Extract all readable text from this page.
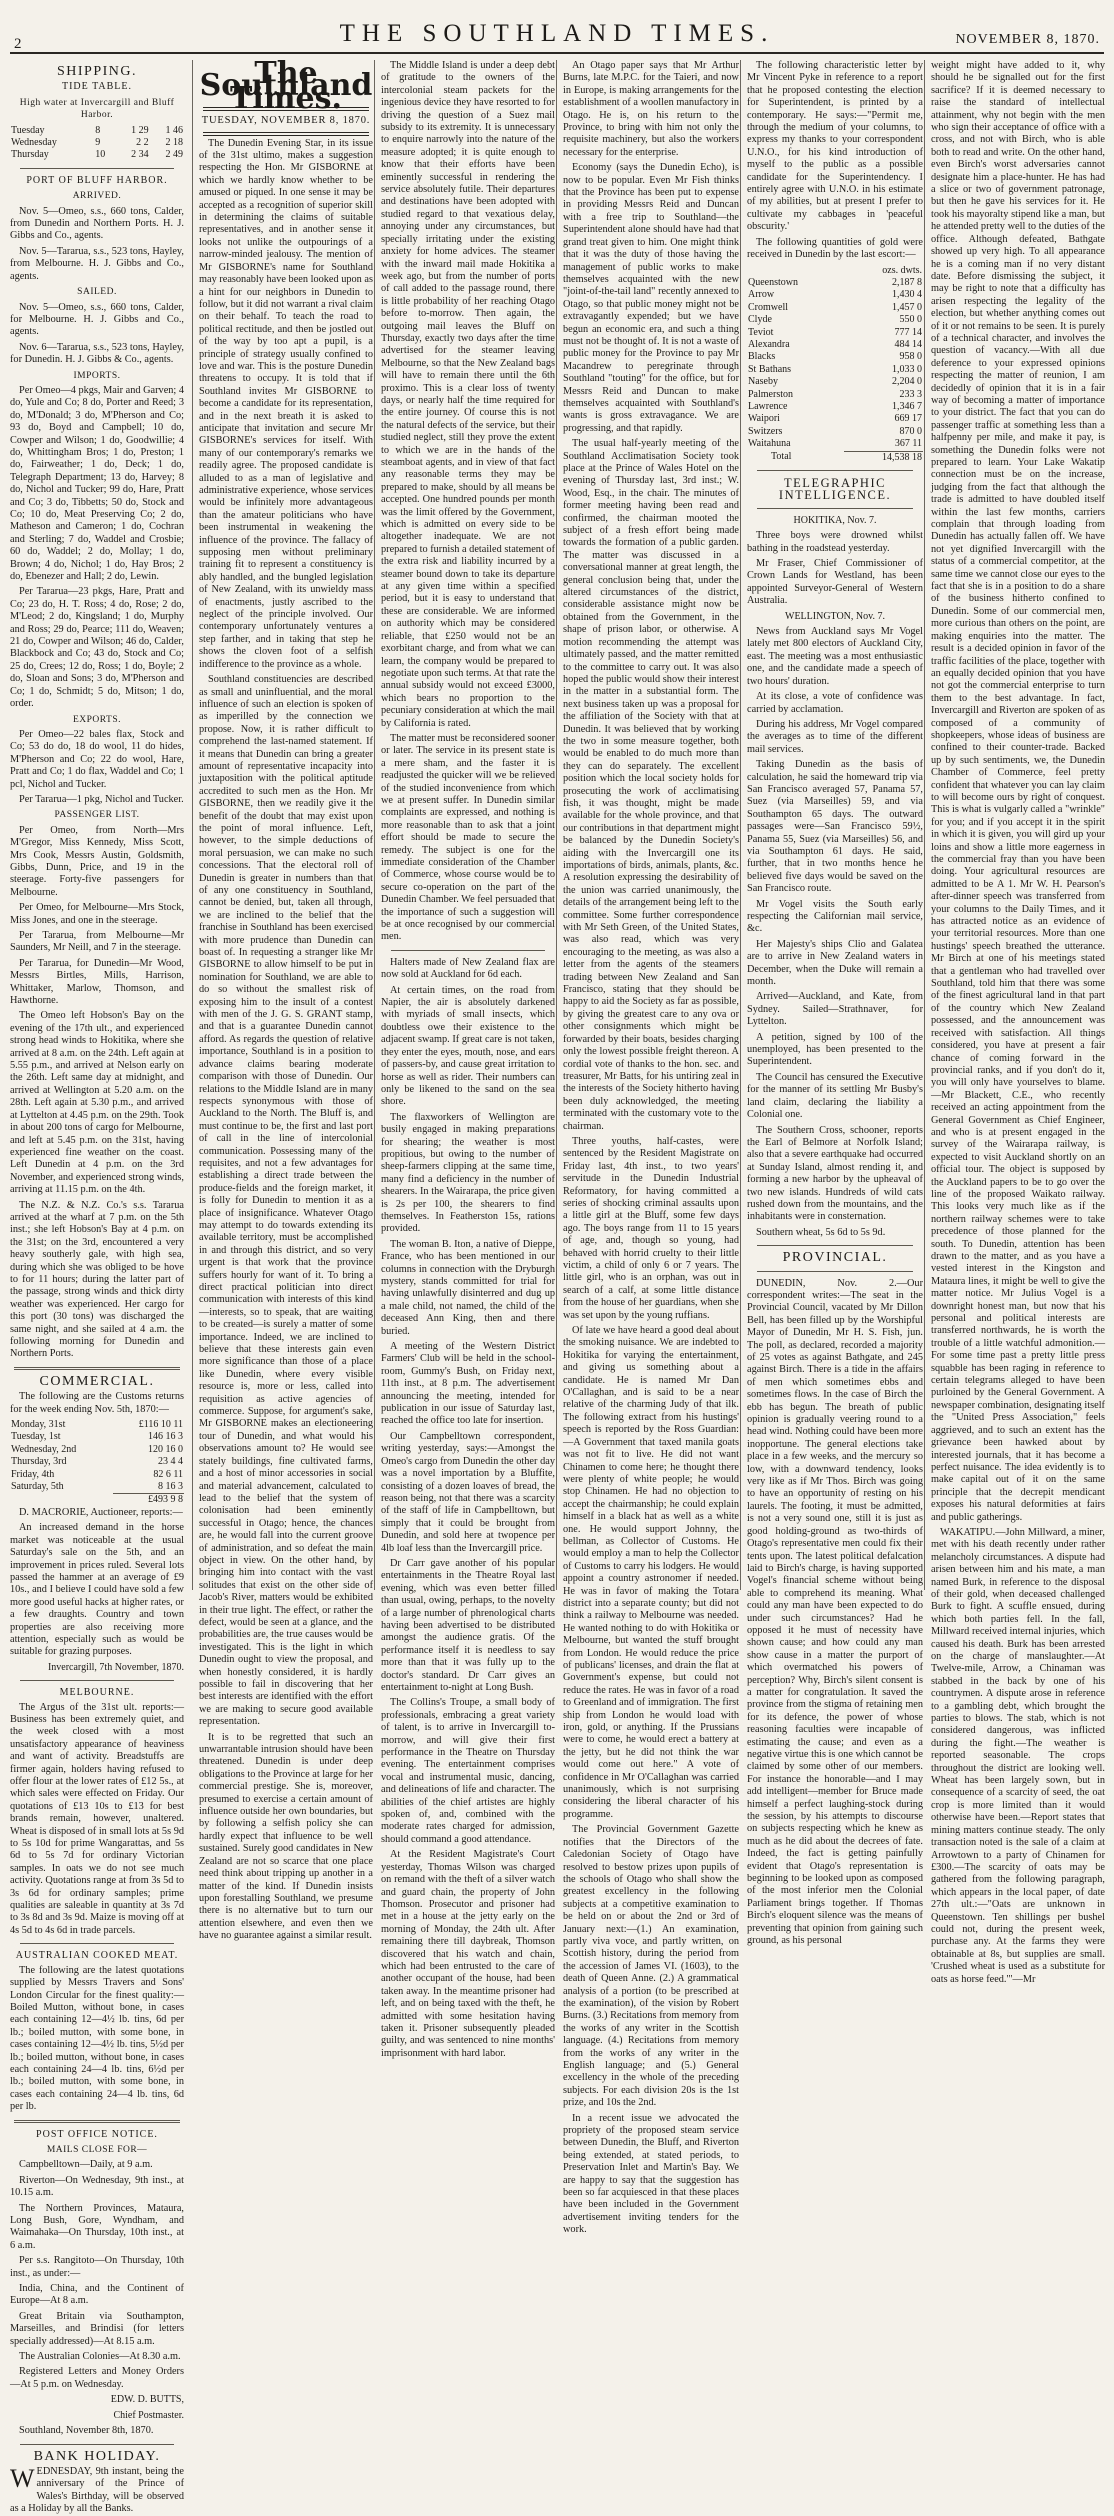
2	THE SOUTHLAND TIMES.	NOVEMBER 8, 1870.
SHIPPING.
TIDE TABLE.
High water at Invercargill and Bluff Harbor.
Tuesday	8	1 29	1 46
Wednesday	9	2 2	2 18
Thursday	10	2 34	2 49
PORT OF BLUFF HARBOR.
ARRIVED.

Nov. 5—Omeo, s.s., 660 tons, Calder, from Dunedin and Northern Ports. H. J. Gibbs and Co., agents.

Nov. 5—Tararua, s.s., 523 tons, Hayley, from Melbourne. H. J. Gibbs and Co., agents.

SAILED.

Nov. 5—Omeo, s.s., 660 tons, Calder, for Melbourne. H. J. Gibbs and Co., agents.

Nov. 6—Tararua, s.s., 523 tons, Hayley, for Dunedin. H. J. Gibbs & Co., agents.

IMPORTS.

Per Omeo—4 pkgs, Mair and Garven; 4 do, Yule and Co; 8 do, Porter and Reed; 3 do, M'Donald; 3 do, M'Pherson and Co; 93 do, Boyd and Campbell; 10 do, Cowper and Wilson; 1 do, Goodwillie; 4 do, Whittingham Bros; 1 do, Preston; 1 do, Fairweather; 1 do, Deck; 1 do, Telegraph Department; 13 do, Harvey; 8 do, Nichol and Tucker; 99 do, Hare, Pratt and Co; 3 do, Tibbetts; 50 do, Stock and Co; 10 do, Meat Preserving Co; 2 do, Matheson and Cameron; 1 do, Cochran and Sterling; 7 do, Waddel and Crosbie; 60 do, Waddel; 2 do, Mollay; 1 do, Brown; 4 do, Nichol; 1 do, Hay Bros; 2 do, Ebenezer and Hall; 2 do, Lewin.

Per Tararua—23 pkgs, Hare, Pratt and Co; 23 do, H. T. Ross; 4 do, Rose; 2 do, M'Leod; 2 do, Kingsland; 1 do, Murphy and Ross; 29 do, Pearce; 111 do, Weaven; 21 do, Cowper and Wilson; 46 do, Calder, Blackbock and Co; 43 do, Stock and Co; 25 do, Crees; 12 do, Ross; 1 do, Boyle; 2 do, Sloan and Sons; 3 do, M'Pherson and Co; 1 do, Schmidt; 5 do, Mitson; 1 do, order.

EXPORTS.

Per Omeo—22 bales flax, Stock and Co; 53 do do, 18 do wool, 11 do hides, M'Pherson and Co; 22 do wool, Hare, Pratt and Co; 1 do flax, Waddel and Co; 1 pcl, Nichol and Tucker.

Per Tararua—1 pkg, Nichol and Tucker.

PASSENGER LIST.

Per Omeo, from North—Mrs M'Gregor, Miss Kennedy, Miss Scott, Mrs Cook, Messrs Austin, Goldsmith, Gibbs, Dunn, Price, and 19 in the steerage. Forty-five passengers for Melbourne.

Per Omeo, for Melbourne—Mrs Stock, Miss Jones, and one in the steerage.

Per Tararua, from Melbourne—Mr Saunders, Mr Neill, and 7 in the steerage.

Per Tararua, for Dunedin—Mr Wood, Messrs Birtles, Mills, Harrison, Whittaker, Marlow, Thomson, and Hawthorne.

The Omeo left Hobson's Bay on the evening of the 17th ult., and experienced strong head winds to Hokitika, where she arrived at 8 a.m. on the 24th. Left again at 5.55 p.m., and arrived at Nelson early on the 26th. Left same day at midnight, and arrived at Wellington at 5.20 a.m. on the 28th. Left again at 5.30 p.m., and arrived at Lyttelton at 4.45 p.m. on the 29th. Took in about 200 tons of cargo for Melbourne, and left at 5.45 p.m. on the 31st, having experienced fine weather on the coast. Left Dunedin at 4 p.m. on the 3rd November, and experienced strong winds, arriving at 11.15 p.m. on the 4th.

The N.Z. & N.Z. Co.'s s.s. Tararua arrived at the wharf at 7 p.m. on the 5th inst.; she left Hobson's Bay at 4 p.m. on the 31st; on the 3rd, encountered a very heavy southerly gale, with high sea, during which she was obliged to be hove to for 11 hours; during the latter part of the passage, strong winds and thick dirty weather was experienced. Her cargo for this port (30 tons) was discharged the same night, and she sailed at 4 a.m. the following morning for Dunedin and Northern Ports.

COMMERCIAL.

The following are the Customs returns for the week ending Nov. 5th, 1870:—

Monday, 31st	£116 10 11
Tuesday, 1st	146 16 3
Wednesday, 2nd	120 16 0
Thursday, 3rd	23 4 4
Friday, 4th	82 6 11
Saturday, 5th	8 16 3
	£493 9 8

D. MACRORIE, Auctioneer, reports:—

An increased demand in the horse market was noticeable at the usual Saturday's sale on the 5th, and an improvement in prices ruled. Several lots passed the hammer at an average of £9 10s., and I believe I could have sold a few more good useful hacks at higher rates, or a few draughts. Country and town properties are also receiving more attention, especially such as would be suitable for grazing purposes.

Invercargill, 7th November, 1870.
MELBOURNE.

The Argus of the 31st ult. reports:—Business has been extremely quiet, and the week closed with a most unsatisfactory appearance of heaviness and want of activity. Breadstuffs are firmer again, holders having refused to offer flour at the lower rates of £12 5s., at which sales were effected on Friday. Our quotations of £13 10s to £13 for best brands remain, however, unaltered. Wheat is disposed of in small lots at 5s 9d to 5s 10d for prime Wangarattas, and 5s 6d to 5s 7d for ordinary Victorian samples. In oats we do not see much activity. Quotations range at from 3s 5d to 3s 6d for ordinary samples; prime qualities are saleable in quantity at 3s 7d to 3s 8d and 3s 9d. Maize is moving off at 4s 5d to 4s 6d in trade parcels.

AUSTRALIAN COOKED MEAT.

The following are the latest quotations supplied by Messrs Travers and Sons' London Circular for the finest quality:—Boiled Mutton, without bone, in cases each containing 12—4½ lb. tins, 6d per lb.; boiled mutton, with some bone, in cases containing 12—4½ lb. tins, 5½d per lb.; boiled mutton, without bone, in cases each containing 24—4 lb. tins, 6½d per lb.; boiled mutton, with some bone, in cases each containing 24—4 lb. tins, 6d per lb.

POST OFFICE NOTICE.
MAILS CLOSE FOR—

Campbelltown—Daily, at 9 a.m.

Riverton—On Wednesday, 9th inst., at 10.15 a.m.

The Northern Provinces, Mataura, Long Bush, Gore, Wyndham, and Waimahaka—On Thursday, 10th inst., at 6 a.m.

Per s.s. Rangitoto—On Thursday, 10th inst., as under:—

India, China, and the Continent of Europe—At 8 a.m.

Great Britain via Southampton, Marseilles, and Brindisi (for letters specially addressed)—At 8.15 a.m.

The Australian Colonies—At 8.30 a.m.

Registered Letters and Money Orders—At 5 p.m. on Wednesday.

EDW. D. BUTTS,
Chief Postmaster.

Southland, November 8th, 1870.

BANK HOLIDAY.

WEDNESDAY, 9th instant, being the anniversary of the Prince of Wales's Birthday, will be observed as a Holiday by all the Banks.

The Southland Times.
TUESDAY, NOVEMBER 8, 1870.

The Dunedin Evening Star, in its issue of the 31st ultimo, makes a suggestion respecting the Hon. Mr GISBORNE at which we hardly know whether to be amused or piqued. In one sense it may be accepted as a recognition of superior skill in determining the claims of suitable representatives, and in another sense it looks not unlike the outpourings of a narrow-minded jealousy. The mention of Mr GISBORNE's name for Southland may reasonably have been looked upon as a hint for our neighbors in Dunedin to follow, but it did not warrant a rival claim on their behalf. To teach the road to political rectitude, and then be jostled out of the way by too apt a pupil, is a principle of strategy usually confined to love and war. This is the posture Dunedin threatens to occupy. It is told that if Southland invites Mr GISBORNE to become a candidate for its representation, and in the next breath it is asked to anticipate that invitation and secure Mr GISBORNE's services for itself. With many of our contemporary's remarks we readily agree. The proposed candidate is alluded to as a man of legislative and administrative experience, whose services would be infinitely more advantageous than the amateur politicians who have been instrumental in weakening the influence of the province. The fallacy of supposing men without preliminary training fit to represent a constituency is ably handled, and the bungled legislation of New Zealand, with its unwieldy mass of enactments, justly ascribed to the neglect of the principle involved. Our contemporary unfortunately ventures a step farther, and in taking that step he shows the cloven foot of a selfish indifference to the province as a whole.

Southland constituencies are described as small and uninfluential, and the moral influence of such an election is spoken of as imperilled by the connection we propose. Now, it is rather difficult to comprehend the last-named statement. If it means that Dunedin can bring a greater amount of representative incapacity into juxtaposition with the political aptitude accredited to such men as the Hon. Mr GISBORNE, then we readily give it the benefit of the doubt that may exist upon the point of moral influence. Left, however, to the simple deductions of moral persuasion, we can make no such concessions. That the electoral roll of Dunedin is greater in numbers than that of any one constituency in Southland, cannot be denied, but, taken all through, we are inclined to the belief that the franchise in Southland has been exercised with more prudence than Dunedin can boast of. In requesting a stranger like Mr GISBORNE to allow himself to be put in nomination for Southland, we are able to do so without the smallest risk of exposing him to the insult of a contest with men of the J. G. S. GRANT stamp, and that is a guarantee Dunedin cannot afford. As regards the question of relative importance, Southland is in a position to advance claims bearing moderate comparison with those of Dunedin. Our relations to the Middle Island are in many respects synonymous with those of Auckland to the North. The Bluff is, and must continue to be, the first and last port of call in the line of intercolonial communication. Possessing many of the requisites, and not a few advantages for establishing a direct trade between the produce-fields and the foreign market, it is folly for Dunedin to mention it as a place of insignificance. Whatever Otago may attempt to do towards extending its available territory, must be accomplished in and through this district, and so very urgent is that work that the province suffers hourly for want of it. To bring a direct practical politician into direct communication with interests of this kind—interests, so to speak, that are waiting to be created—is surely a matter of some importance. Indeed, we are inclined to believe that these interests gain even more significance than those of a place like Dunedin, where every visible resource is, more or less, called into requisition as active agencies of commerce. Suppose, for argument's sake, Mr GISBORNE makes an electioneering tour of Dunedin, and what would his observations amount to? He would see stately buildings, fine cultivated farms, and a host of minor accessories in social and material advancement, calculated to lead to the belief that the system of colonisation had been eminently successful in Otago; hence, the chances are, he would fall into the current groove of administration, and so defeat the main object in view. On the other hand, by bringing him into contact with the vast solitudes that exist on the other side of Jacob's River, matters would be exhibited in their true light. The effect, or rather the defect, would be seen at a glance, and the probabilities are, the true causes would be investigated. This is the light in which Dunedin ought to view the proposal, and when honestly considered, it is hardly possible to fail in discovering that her best interests are identified with the effort we are making to secure good available representation.

It is to be regretted that such an unwarrantable intrusion should have been threatened. Dunedin is under deep obligations to the Province at large for her commercial prestige. She is, moreover, presumed to exercise a certain amount of influence outside her own boundaries, but by following a selfish policy she can hardly expect that influence to be well sustained. Surely good candidates in New Zealand are not so scarce that one place need think about tripping up another in a matter of the kind. If Dunedin insists upon forestalling Southland, we presume there is no alternative but to turn our attention elsewhere, and even then we have no guarantee against a similar result.

The Middle Island is under a deep debt of gratitude to the owners of the intercolonial steam packets for the ingenious device they have resorted to for driving the question of a Suez mail subsidy to its extremity. It is unnecessary to enquire narrowly into the nature of the measure adopted; it is quite enough to know that their efforts have been eminently successful in rendering the service absolutely futile. Their departures and destinations have been adopted with studied regard to that vexatious delay, annoying under any circumstances, but specially irritating under the existing anxiety for home advices. The steamer with the inward mail made Hokitika a week ago, but from the number of ports of call added to the passage round, there is little probability of her reaching Otago before to-morrow. Then again, the outgoing mail leaves the Bluff on Thursday, exactly two days after the time advertised for the steamer leaving Melbourne, so that the New Zealand bags will have to remain there until the 6th proximo. This is a clear loss of twenty days, or nearly half the time required for the entire journey. Of course this is not the natural defects of the service, but their studied neglect, still they prove the extent to which we are in the hands of the steamboat agents, and in view of that fact any reasonable terms they may be prepared to make, should by all means be accepted. One hundred pounds per month was the limit offered by the Government, which is admitted on every side to be altogether inadequate. We are not prepared to furnish a detailed statement of the extra risk and liability incurred by a steamer bound down to take its departure at any given time within a specified period, but it is easy to understand that these are considerable. We are informed on authority which may be considered reliable, that £250 would not be an exorbitant charge, and from what we can learn, the company would be prepared to negotiate upon such terms. At that rate the annual subsidy would not exceed £3000, which bears no proportion to the pecuniary consideration at which the mail by California is rated.

The matter must be reconsidered sooner or later. The service in its present state is a mere sham, and the faster it is readjusted the quicker will we be relieved of the studied inconvenience from which we at present suffer. In Dunedin similar complaints are expressed, and nothing is more reasonable than to ask that a joint effort should be made to secure the remedy. The subject is one for the immediate consideration of the Chamber of Commerce, whose course would be to secure co-operation on the part of the Dunedin Chamber. We feel persuaded that the importance of such a suggestion will be at once recognised by our commercial men.

Halters made of New Zealand flax are now sold at Auckland for 6d each.

At certain times, on the road from Napier, the air is absolutely darkened with myriads of small insects, which doubtless owe their existence to the adjacent swamp. If great care is not taken, they enter the eyes, mouth, nose, and ears of passers-by, and cause great irritation to horse as well as rider. Their numbers can only be likened to the sand on the sea shore.

The flaxworkers of Wellington are busily engaged in making preparations for shearing; the weather is most propitious, but owing to the number of sheep-farmers clipping at the same time, many find a deficiency in the number of shearers. In the Wairarapa, the price given is 2s per 100, the shearers to find themselves. In Featherston 15s, rations provided.

The woman B. Iton, a native of Dieppe, France, who has been mentioned in our columns in connection with the Dryburgh mystery, stands committed for trial for having unlawfully disinterred and dug up a male child, not named, the child of the deceased Ann King, then and there buried.

A meeting of the Western District Farmers' Club will be held in the school-room, Gummy's Bush, on Friday next, 11th inst., at 8 p.m. The advertisement announcing the meeting, intended for publication in our issue of Saturday last, reached the office too late for insertion.

Our Campbelltown correspondent, writing yesterday, says:—Amongst the Omeo's cargo from Dunedin the other day was a novel importation by a Bluffite, consisting of a dozen loaves of bread, the reason being, not that there was a scarcity of the staff of life in Campbelltown, but simply that it could be brought from Dunedin, and sold here at twopence per 4lb loaf less than the Invercargill price.

Dr Carr gave another of his popular entertainments in the Theatre Royal last evening, which was even better filled than usual, owing, perhaps, to the novelty of a large number of phrenological charts having been advertised to be distributed amongst the audience gratis. Of the performance itself it is needless to say more than that it was fully up to the doctor's standard. Dr Carr gives an entertainment to-night at Long Bush.

The Collins's Troupe, a small body of professionals, embracing a great variety of talent, is to arrive in Invercargill to-morrow, and will give their first performance in the Theatre on Thursday evening. The entertainment comprises vocal and instrumental music, dancing, and delineations of life and character. The abilities of the chief artistes are highly spoken of, and, combined with the moderate rates charged for admission, should command a good attendance.

At the Resident Magistrate's Court yesterday, Thomas Wilson was charged on remand with the theft of a silver watch and guard chain, the property of John Thomson. Prosecutor and prisoner had met in a house at the jetty early on the morning of Monday, the 24th ult. After remaining there till daybreak, Thomson discovered that his watch and chain, which had been entrusted to the care of another occupant of the house, had been taken away. In the meantime prisoner had left, and on being taxed with the theft, he admitted with some hesitation having taken it. Prisoner subsequently pleaded guilty, and was sentenced to nine months' imprisonment with hard labor.

An Otago paper says that Mr Arthur Burns, late M.P.C. for the Taieri, and now in Europe, is making arrangements for the establishment of a woollen manufactory in Otago. He is, on his return to the Province, to bring with him not only the requisite machinery, but also the workers necessary for the enterprise.

Economy (says the Dunedin Echo), is now to be popular. Even Mr Fish thinks that the Province has been put to expense in providing Messrs Reid and Duncan with a free trip to Southland—the Superintendent alone should have had that grand treat given to him. One might think that it was the duty of those having the management of public works to make themselves acquainted with the new "joint-of-the-tail land" recently annexed to Otago, so that public money might not be extravagantly expended; but we have begun an economic era, and such a thing must not be thought of. It is not a waste of public money for the Province to pay Mr Macandrew to peregrinate through Southland "touting" for the office, but for Messrs Reid and Duncan to make themselves acquainted with Southland's wants is gross extravagance. We are progressing, and that rapidly.

The usual half-yearly meeting of the Southland Acclimatisation Society took place at the Prince of Wales Hotel on the evening of Thursday last, 3rd inst.; W. Wood, Esq., in the chair. The minutes of former meeting having been read and confirmed, the chairman mooted the subject of a fresh effort being made towards the formation of a public garden. The matter was discussed in a conversational manner at great length, the general conclusion being that, under the altered circumstances of the district, considerable assistance might now be obtained from the Government, in the shape of prison labor, or otherwise. A motion recommending the attempt was ultimately passed, and the matter remitted to the committee to carry out. It was also hoped the public would show their interest in the matter in a substantial form. The next business taken up was a proposal for the affiliation of the Society with that at Dunedin. It was believed that by working the two in some measure together, both would be enabled to do much more than they can do separately. The excellent position which the local society holds for prosecuting the work of acclimatising fish, it was thought, might be made available for the whole province, and that our contributions in that department might be balanced by the Dunedin Society's aiding with the Invercargill one its importations of birds, animals, plants, &c. A resolution expressing the desirability of the union was carried unanimously, the details of the arrangement being left to the committee. Some further correspondence with Mr Seth Green, of the United States, was also read, which was very encouraging to the meeting, as was also a letter from the agents of the steamers trading between New Zealand and San Francisco, stating that they should be happy to aid the Society as far as possible, by giving the greatest care to any ova or other consignments which might be forwarded by their boats, besides charging only the lowest possible freight thereon. A cordial vote of thanks to the hon. sec. and treasurer, Mr Batts, for his untiring zeal in the interests of the Society hitherto having been duly acknowledged, the meeting terminated with the customary vote to the chairman.

Three youths, half-castes, were sentenced by the Resident Magistrate on Friday last, 4th inst., to two years' servitude in the Dunedin Industrial Reformatory, for having committed a series of shocking criminal assaults upon a little girl at the Bluff, some few days ago. The boys range from 11 to 15 years of age, and, though so young, had behaved with horrid cruelty to their little victim, a child of only 6 or 7 years. The little girl, who is an orphan, was out in search of a calf, at some little distance from the house of her guardians, when she was set upon by the young ruffians.

Of late we have heard a good deal about the smoking nuisance. We are indebted to Hokitika for varying the entertainment, and giving us something about a candidate. He is named Mr Dan O'Callaghan, and is said to be a near relative of the charming Judy of that ilk. The following extract from his hustings' speech is reported by the Ross Guardian:—A Government that taxed manila goats was not fit to live. He did not want Chinamen to come here; he thought there were plenty of white people; he would stop Chinamen. He had no objection to accept the chairmanship; he could explain himself in a black hat as well as a white one. He would support Johnny, the bellman, as Collector of Customs. He would employ a man to help the Collector of Customs to carry his lodgers. He would appoint a country astronomer if needed. He was in favor of making the Totara district into a separate county; but did not think a railway to Melbourne was needed. He wanted nothing to do with Hokitika or Melbourne, but wanted the stuff brought from London. He would reduce the price of publicans' licenses, and drain the flat at Government's expense, but could not reduce the rates. He was in favor of a road to Greenland and of immigration. The first ship from London he would load with iron, gold, or anything. If the Prussians were to come, he would erect a battery at the jetty, but he did not think the war would come out here." A vote of confidence in Mr O'Callaghan was carried unanimously, which is not surprising considering the liberal character of his programme.

The Provincial Government Gazette notifies that the Directors of the Caledonian Society of Otago have resolved to bestow prizes upon pupils of the schools of Otago who shall show the greatest excellency in the following subjects at a competitive examination to be held on or about the 2nd or 3rd of January next:—(1.) An examination, partly viva voce, and partly written, on Scottish history, during the period from the accession of James VI. (1603), to the death of Queen Anne. (2.) A grammatical analysis of a portion (to be prescribed at the examination), of the vision by Robert Burns. (3.) Recitations from memory from the works of any writer in the Scottish language. (4.) Recitations from memory from the works of any writer in the English language; and (5.) General excellency in the whole of the preceding subjects. For each division 20s is the 1st prize, and 10s the 2nd.

In a recent issue we advocated the propriety of the proposed steam service between Dunedin, the Bluff, and Riverton being extended, at stated periods, to Preservation Inlet and Martin's Bay. We are happy to say that the suggestion has been so far acquiesced in that these places have been included in the Government advertisement inviting tenders for the work.

The following characteristic letter by Mr Vincent Pyke in reference to a report that he proposed contesting the election for Superintendent, is printed by a contemporary. He says:—"Permit me, through the medium of your columns, to express my thanks to your correspondent U.N.O., for his kind introduction of myself to the public as a possible candidate for the Superintendency. I entirely agree with U.N.O. in his estimate of my abilities, but at present I prefer to cultivate my cabbages in 'peaceful obscurity.'

The following quantities of gold were received in Dunedin by the last escort:—

	ozs. dwts.
Queenstown	2,187 8
Arrow	1,430 4
Cromwell	1,457 0
Clyde	550 0
Teviot	777 14
Alexandra	484 14
Blacks	958 0
St Bathans	1,033 0
Naseby	2,204 0
Palmerston	233 3
Lawrence	1,346 7
Waipori	669 17
Switzers	870 0
Waitahuna	367 11
Total	14,538 18
TELEGRAPHIC INTELLIGENCE.
HOKITIKA, Nov. 7.

Three boys were drowned whilst bathing in the roadstead yesterday.

Mr Fraser, Chief Commissioner of Crown Lands for Westland, has been appointed Surveyor-General of Western Australia.

WELLINGTON, Nov. 7.

News from Auckland says Mr Vogel lately met 800 electors of Auckland City, east. The meeting was a most enthusiastic one, and the candidate made a speech of two hours' duration.

At its close, a vote of confidence was carried by acclamation.

During his address, Mr Vogel compared the averages as to time of the different mail services.

Taking Dunedin as the basis of calculation, he said the homeward trip via San Francisco averaged 57, Panama 57, Suez (via Marseilles) 59, and via Southampton 65 days. The outward passages were—San Francisco 59½, Panama 55, Suez (via Marseilles) 56, and via Southampton 61 days. He said, further, that in two months hence he believed five days would be saved on the San Francisco route.

Mr Vogel visits the South early respecting the Californian mail service, &c.

Her Majesty's ships Clio and Galatea are to arrive in New Zealand waters in December, when the Duke will remain a month.

Arrived—Auckland, and Kate, from Sydney. Sailed—Strathnaver, for Lyttelton.

A petition, signed by 100 of the unemployed, has been presented to the Superintendent.

The Council has censured the Executive for the manner of its settling Mr Busby's land claim, declaring the liability a Colonial one.

The Southern Cross, schooner, reports the Earl of Belmore at Norfolk Island; also that a severe earthquake had occurred at Sunday Island, almost rending it, and forming a new harbor by the upheaval of two new islands. Hundreds of wild cats rushed down from the mountains, and the inhabitants were in consternation.

Southern wheat, 5s 6d to 5s 9d.

PROVINCIAL.

DUNEDIN, Nov. 2.—Our correspondent writes:—The seat in the Provincial Council, vacated by Mr Dillon Bell, has been filled up by the Worshipful Mayor of Dunedin, Mr H. S. Fish, jun. The poll, as declared, recorded a majority of 25 votes as against Bathgate, and 245 against Birch. There is a tide in the affairs of men which sometimes ebbs and sometimes flows. In the case of Birch the ebb has begun. The breath of public opinion is gradually veering round to a head wind. Nothing could have been more inopportune. The general elections take place in a few weeks, and the mercury so low, with a downward tendency, looks very like as if Mr Thos. Birch was going to have an opportunity of resting on his laurels. The footing, it must be admitted, is not a very sound one, still it is just as good holding-ground as two-thirds of Otago's representative men could fix their tents upon. The latest political defalcation laid to Birch's charge, is having supported Vogel's financial scheme without being able to comprehend its meaning. What could any man have been expected to do under such circumstances? Had he opposed it he must of necessity have shown cause; and how could any man show cause in a matter the purport of which overmatched his powers of perception? Why, Birch's silent consent is a matter for congratulation. It saved the province from the stigma of retaining men for its defence, the power of whose reasoning faculties were incapable of estimating the cause; and even as a negative virtue this is one which cannot be claimed by some other of our members. For instance the honorable—and I may add intelligent—member for Bruce made himself a perfect laughing-stock during the session, by his attempts to discourse on subjects respecting which he knew as much as he did about the decrees of fate. Indeed, the fact is getting painfully evident that Otago's representation is beginning to be looked upon as composed of the most inferior men the Colonial Parliament brings together. If Thomas Birch's eloquent silence was the means of preventing that opinion from gaining such ground, as his personal

weight might have added to it, why should he be signalled out for the first sacrifice? If it is deemed necessary to raise the standard of intellectual attainment, why not begin with the men who sign their acceptance of office with a cross, and not with Birch, who is able both to read and write. On the other hand, even Birch's worst adversaries cannot designate him a place-hunter. He has had a slice or two of government patronage, but then he gave his services for it. He took his mayoralty stipend like a man, but he attended pretty well to the duties of the office. Although defeated, Bathgate showed up very high. To all appearance he is a coming man if no very distant date. Before dismissing the subject, it may be right to note that a difficulty has arisen respecting the legality of the election, but whether anything comes out of it or not remains to be seen. It is purely of a technical character, and involves the question of vacancy.—With all due deference to your expressed opinions respecting the matter of reunion, I am decidedly of opinion that it is in a fair way of becoming a matter of importance to your district. The fact that you can do passenger traffic at something less than a halfpenny per mile, and make it pay, is something the Dunedin folks were not prepared to learn. Your Lake Wakatip connection must be on the increase, judging from the fact that although the trade is admitted to have doubled itself within the last few months, carriers complain that through loading from Dunedin has actually fallen off. We have not yet dignified Invercargill with the status of a commercial competitor, at the same time we cannot close our eyes to the fact that she is in a position to do a share of the business hitherto confined to Dunedin. Some of our commercial men, more curious than others on the point, are making enquiries into the matter. The result is a decided opinion in favor of the traffic facilities of the place, together with an equally decided opinion that you have not got the commercial enterprise to turn them to the best advantage. In fact, Invercargill and Riverton are spoken of as composed of a community of shopkeepers, whose ideas of business are confined to their counter-trade. Backed up by such sentiments, we, the Dunedin Chamber of Commerce, feel pretty confident that whatever you can lay claim to will become ours by right of conquest. This is what is vulgarly called a "wrinkle" for you; and if you accept it in the spirit in which it is given, you will gird up your loins and show a little more eagerness in the commercial fray than you have been doing. Your agricultural resources are admitted to be A 1. Mr W. H. Pearson's after-dinner speech was transferred from your columns to the Daily Times, and it has attracted notice as an evidence of your territorial resources. More than one hustings' speech breathed the utterance. Mr Birch at one of his meetings stated that a gentleman who had travelled over Southland, told him that there was some of the finest agricultural land in that part of the country which New Zealand possessed, and the announcement was received with satisfaction. All things considered, you have at present a fair chance of coming forward in the provincial ranks, and if you don't do it, you will only have yourselves to blame.—Mr Blackett, C.E., who recently received an acting appointment from the General Government as Chief Engineer, and who is at present engaged in the survey of the Wairarapa railway, is expected to visit Auckland shortly on an official tour. The object is supposed by the Auckland papers to be to go over the line of the proposed Waikato railway. This looks very much like as if the northern railway schemes were to take precedence of those planned for the south. To Dunedin, attention has been drawn to the matter, and as you have a vested interest in the Kingston and Mataura lines, it might be well to give the matter notice. Mr Julius Vogel is a downright honest man, but now that his personal and political interests are transferred northwards, he is worth the trouble of a little watchful admonition.—For some time past a pretty little press squabble has been raging in reference to certain telegrams alleged to have been purloined by the General Government. A newspaper combination, designating itself the "United Press Association," feels aggrieved, and to such an extent has the grievance been hawked about by interested journals, that it has become a perfect nuisance. The idea evidently is to make capital out of it on the same principle that the decrepit mendicant exposes his natural deformities at fairs and public gatherings.

WAKATIPU.—John Millward, a miner, met with his death recently under rather melancholy circumstances. A dispute had arisen between him and his mate, a man named Burk, in reference to the disposal of their gold, when deceased challenged Burk to fight. A scuffle ensued, during which both parties fell. In the fall, Millward received internal injuries, which caused his death. Burk has been arrested on the charge of manslaughter.—At Twelve-mile, Arrow, a Chinaman was stabbed in the back by one of his countrymen. A dispute arose in reference to a gambling debt, which brought the parties to blows. The stab, which is not considered dangerous, was inflicted during the fight.—The weather is reported seasonable. The crops throughout the district are looking well. Wheat has been largely sown, but in consequence of a scarcity of seed, the oat crop is more limited than it would otherwise have been.—Report states that mining matters continue steady. The only transaction noted is the sale of a claim at Arrowtown to a party of Chinamen for £300.—The scarcity of oats may be gathered from the following paragraph, which appears in the local paper, of date 27th ult.:—"Oats are unknown in Queenstown. Ten shillings per bushel could not, during the present week, purchase any. At the farms they were obtainable at 8s, but supplies are small. 'Crushed wheat is used as a substitute for oats as horse feed.'"—Mr
